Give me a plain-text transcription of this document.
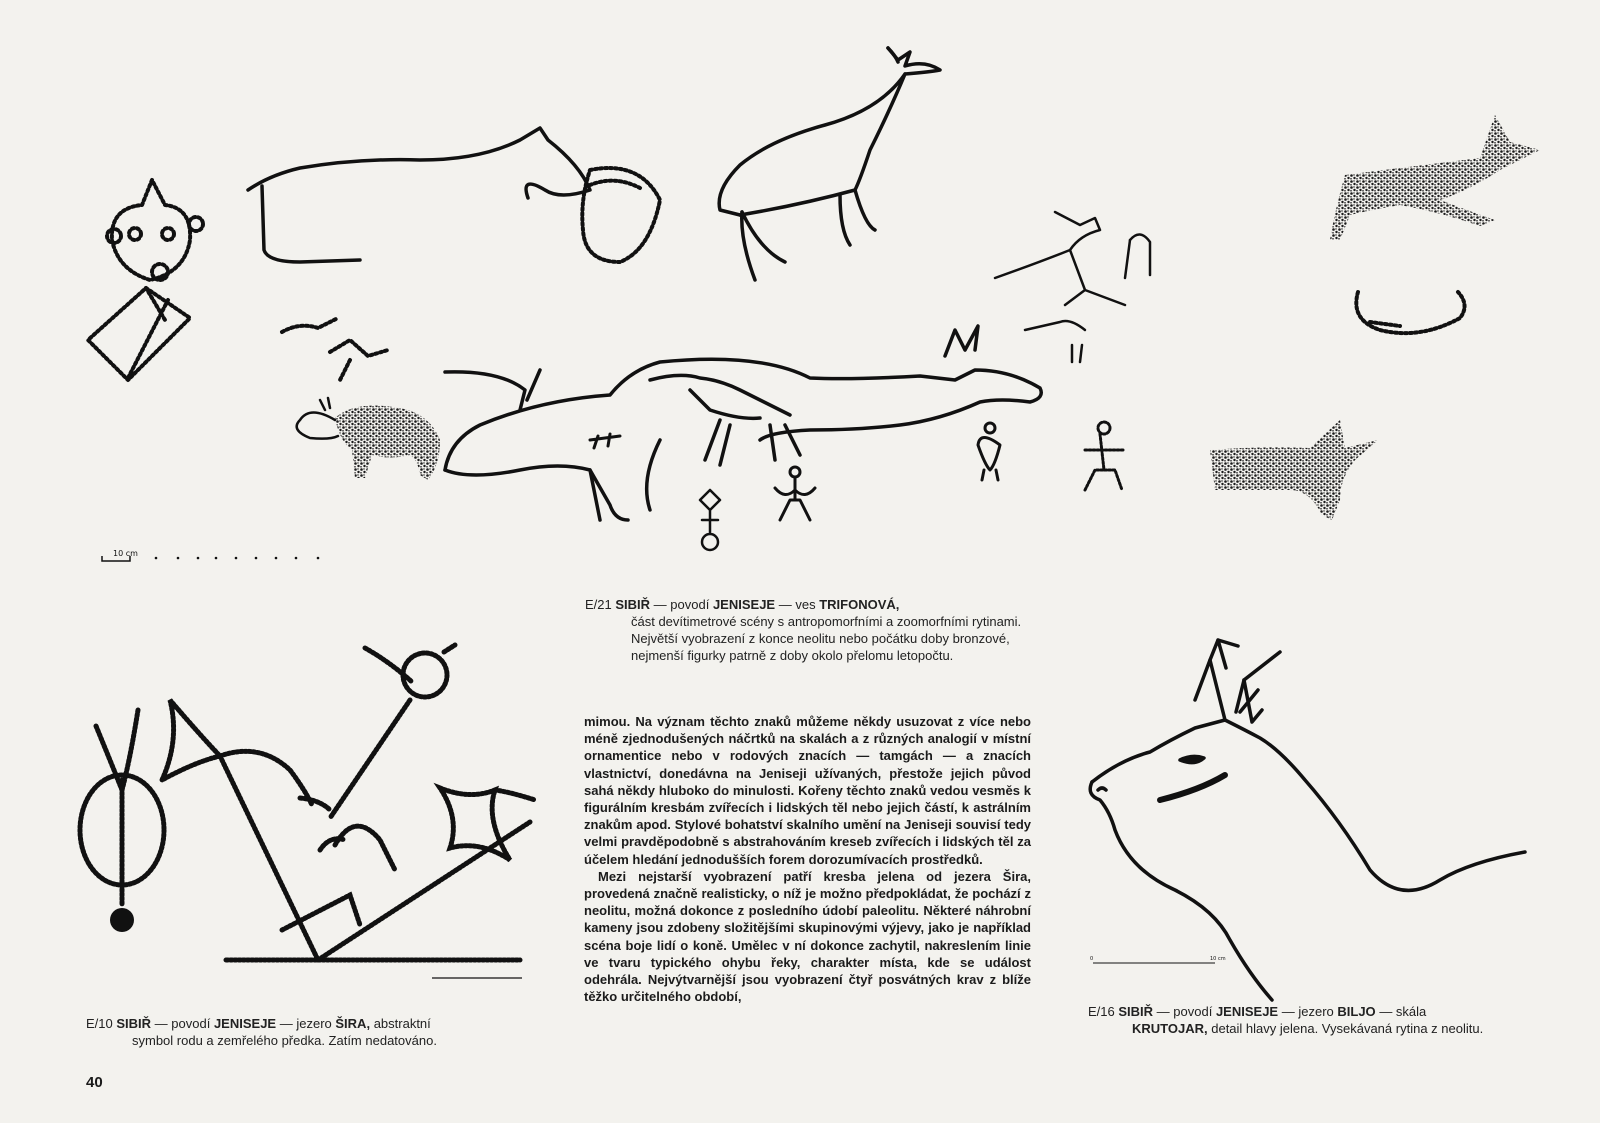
10 cm
0	10 cm
E/21 SIBIŘ — povodí JENISEJE — ves TRIFONOVÁ,
část devítimetrové scény s antropomorfními a zoomorfními rytinami. Největší vyobrazení z konce neolitu nebo počátku doby bronzové, nejmenší figurky patrně z doby okolo přelomu letopočtu.

mimou. Na význam těchto znaků můžeme někdy usuzovat z více nebo méně zjednodušených náčrtků na skalách a z různých analogií v místní ornamentice nebo v rodových znacích — tamgách — a znacích vlastnictví, donedávna na Jeniseji užívaných, přestože jejich původ sahá někdy hluboko do minulosti. Kořeny těchto znaků vedou vesměs k figurálním kresbám zvířecích i lidských těl nebo jejich částí, k astrálním znakům apod. Stylové bohatství skalního umění na Jeniseji souvisí tedy velmi pravděpodobně s abstrahováním kreseb zvířecích i lidských těl za účelem hledání jednodušších forem dorozumívacích prostředků.

Mezi nejstarší vyobrazení patří kresba jelena od jezera Šira, provedená značně realisticky, o níž je možno předpokládat, že pochází z neolitu, možná dokonce z posledního údobí paleolitu. Některé náhrobní kameny jsou zdobeny složitějšími skupinovými výjevy, jako je například scéna boje lidí o koně. Umělec v ní dokonce zachytil, nakreslením linie ve tvaru typického ohybu řeky, charakter místa, kde se událost odehrála. Nejvýtvarnější jsou vyobrazení čtyř posvátných krav z blíže těžko určitelného období,

E/10 SIBIŘ — povodí JENISEJE — jezero ŠIRA, abstraktní
symbol rodu a zemřelého předka. Zatím nedatováno.
E/16 SIBIŘ — povodí JENISEJE — jezero BILJO — skála
KRUTOJAR, detail hlavy jelena. Vysekávaná rytina z neolitu.
40
